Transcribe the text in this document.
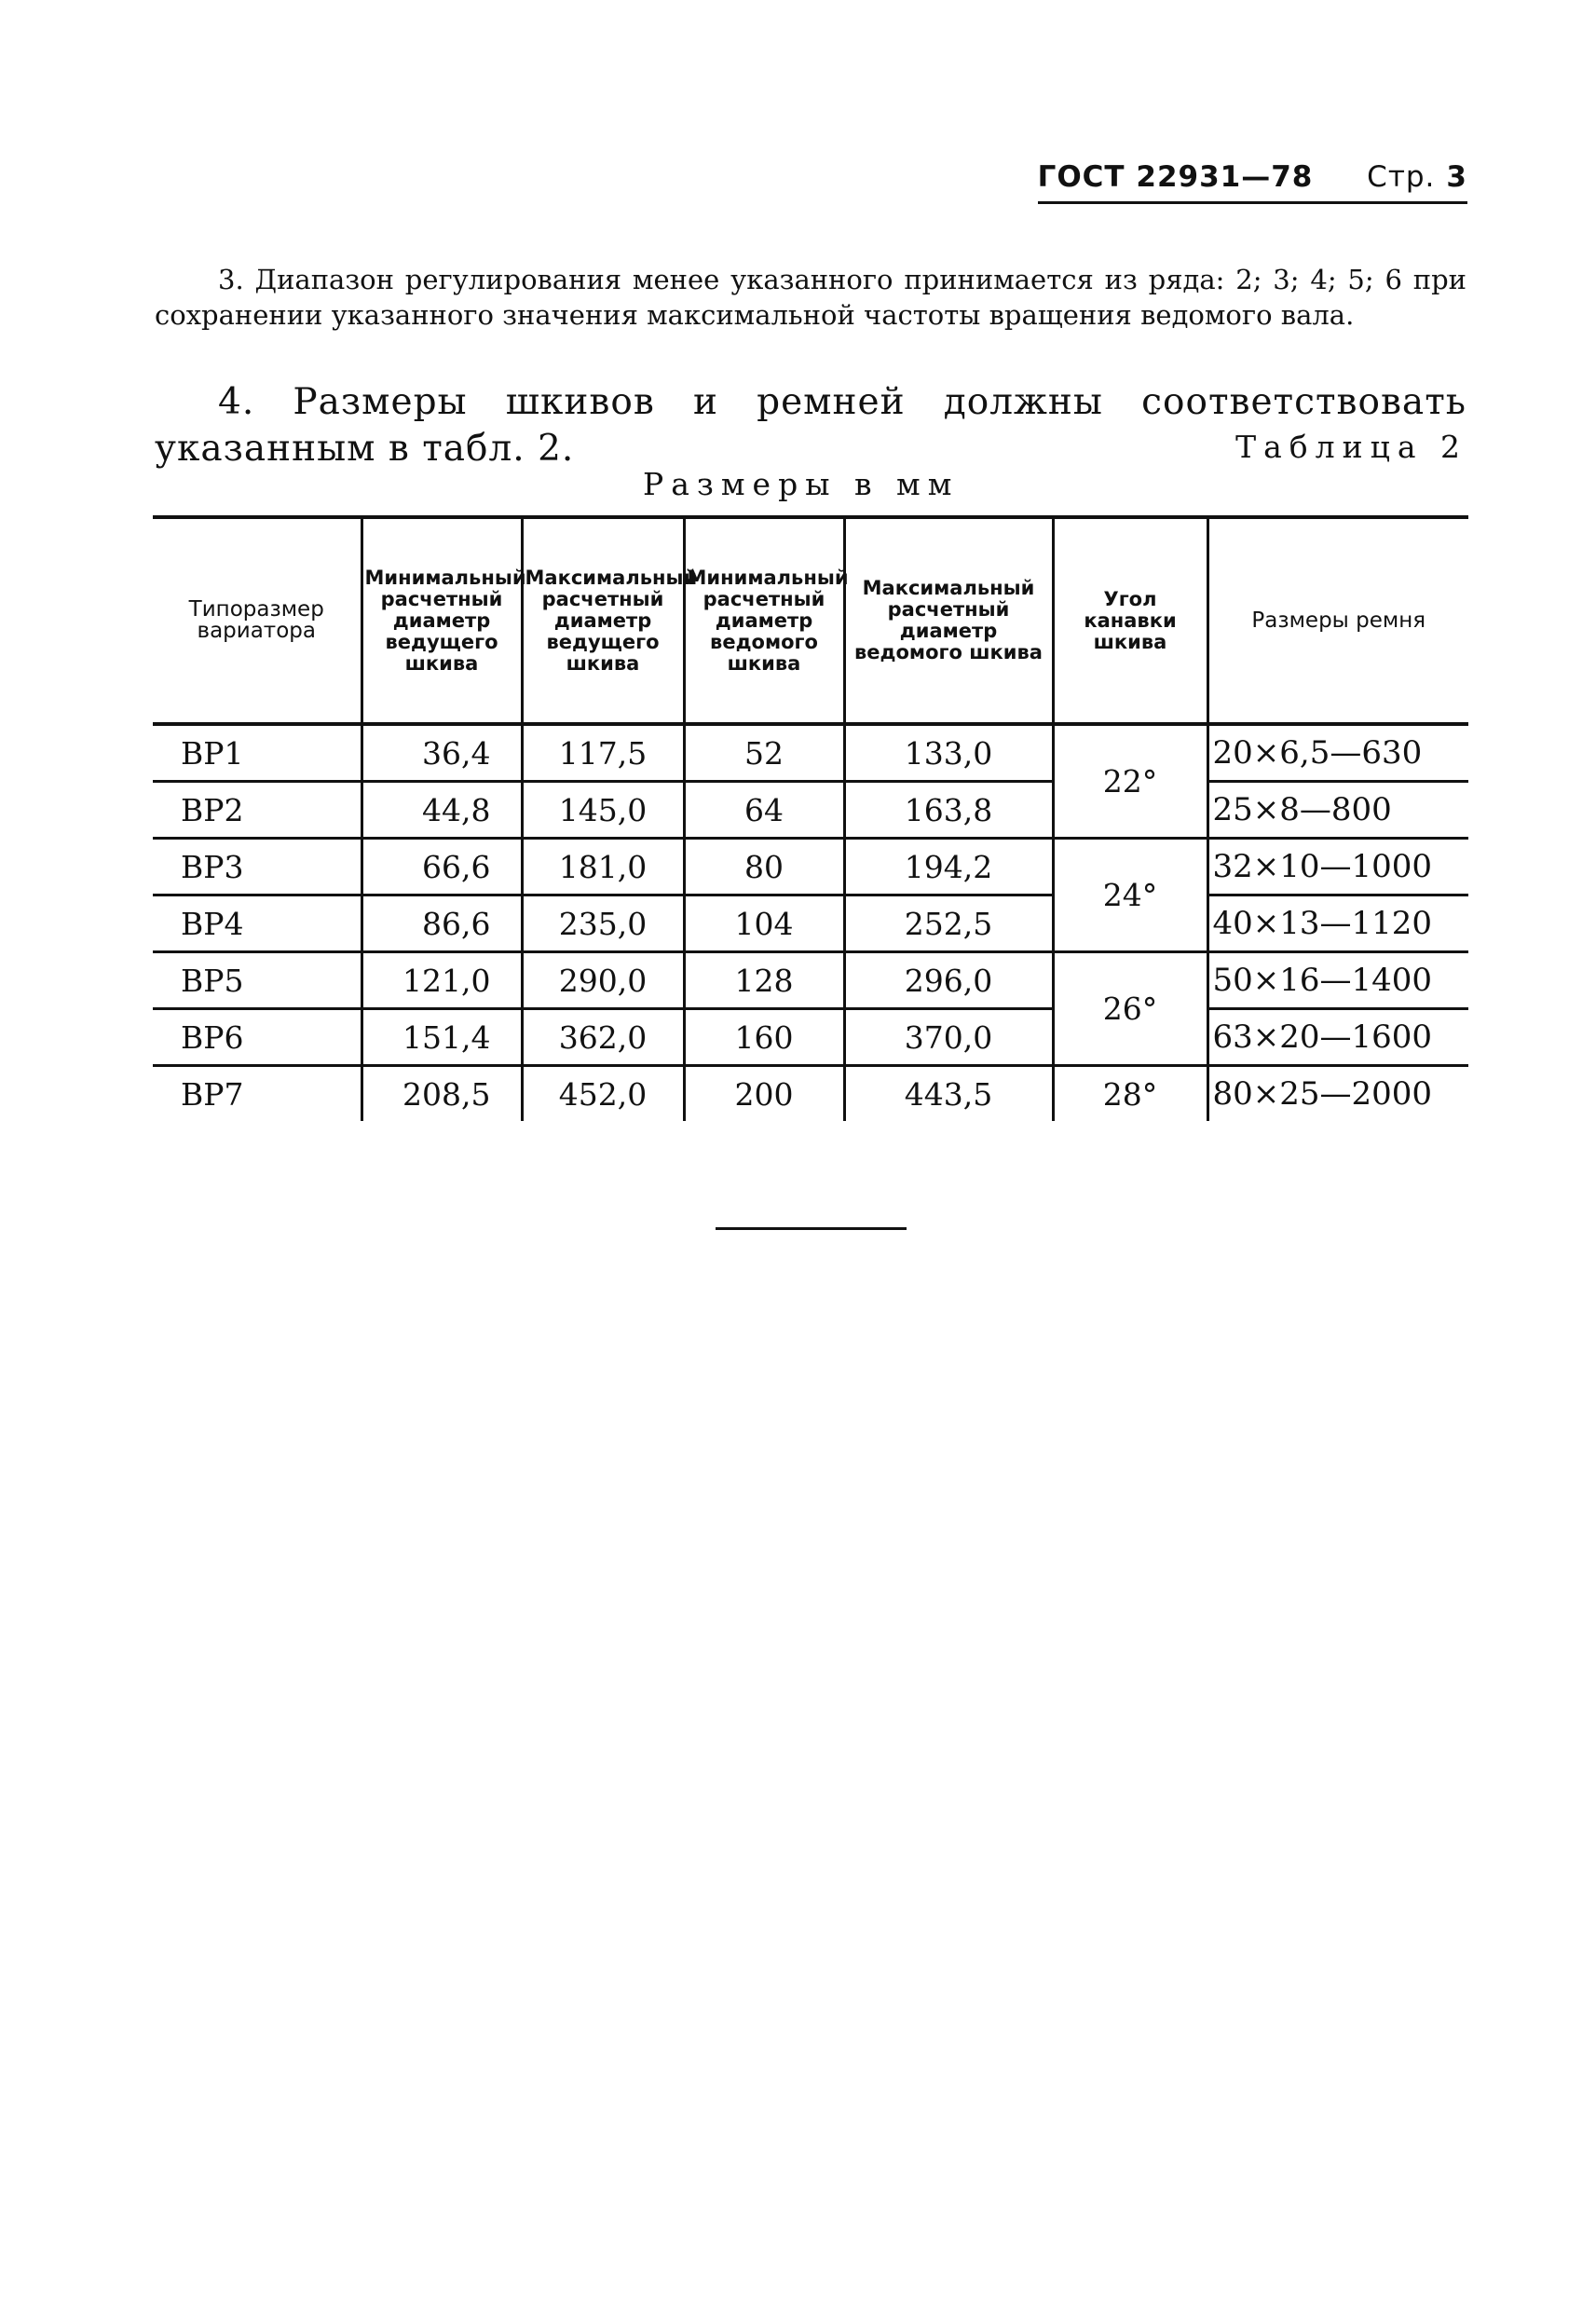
ГОСТ 22931—78 Стр. 3

3. Диапазон регулирования менее указанного принимается из ряда: 2; 3; 4; 5; 6 при сохранении указанного значения максимальной частоты вращения ведомого вала.

4. Размеры шкивов и ремней должны соответствовать указанным в табл. 2.	Таблица 2
Размеры в мм
Типоразмер вариатора	Минимальный расчетный диаметр ведущего шкива	Максимальный расчетный диаметр ведущего шкива	Минимальный расчетный диаметр ведомого шкива	Максимальный расчетный диаметр ведомого шкива	Угол канавки шкива	Размеры ремня
ВР1	36,4	117,5	52	133,0	22°	20×6,5—630
ВР2	44,8	145,0	64	163,8		25×8—800
ВР3	66,6	181,0	80	194,2	24°	32×10—1000
ВР4	86,6	235,0	104	252,5		40×13—1120
ВР5	121,0	290,0	128	296,0	26°	50×16—1400
ВР6	151,4	362,0	160	370,0		63×20—1600
ВР7	208,5	452,0	200	443,5	28°	80×25—2000
